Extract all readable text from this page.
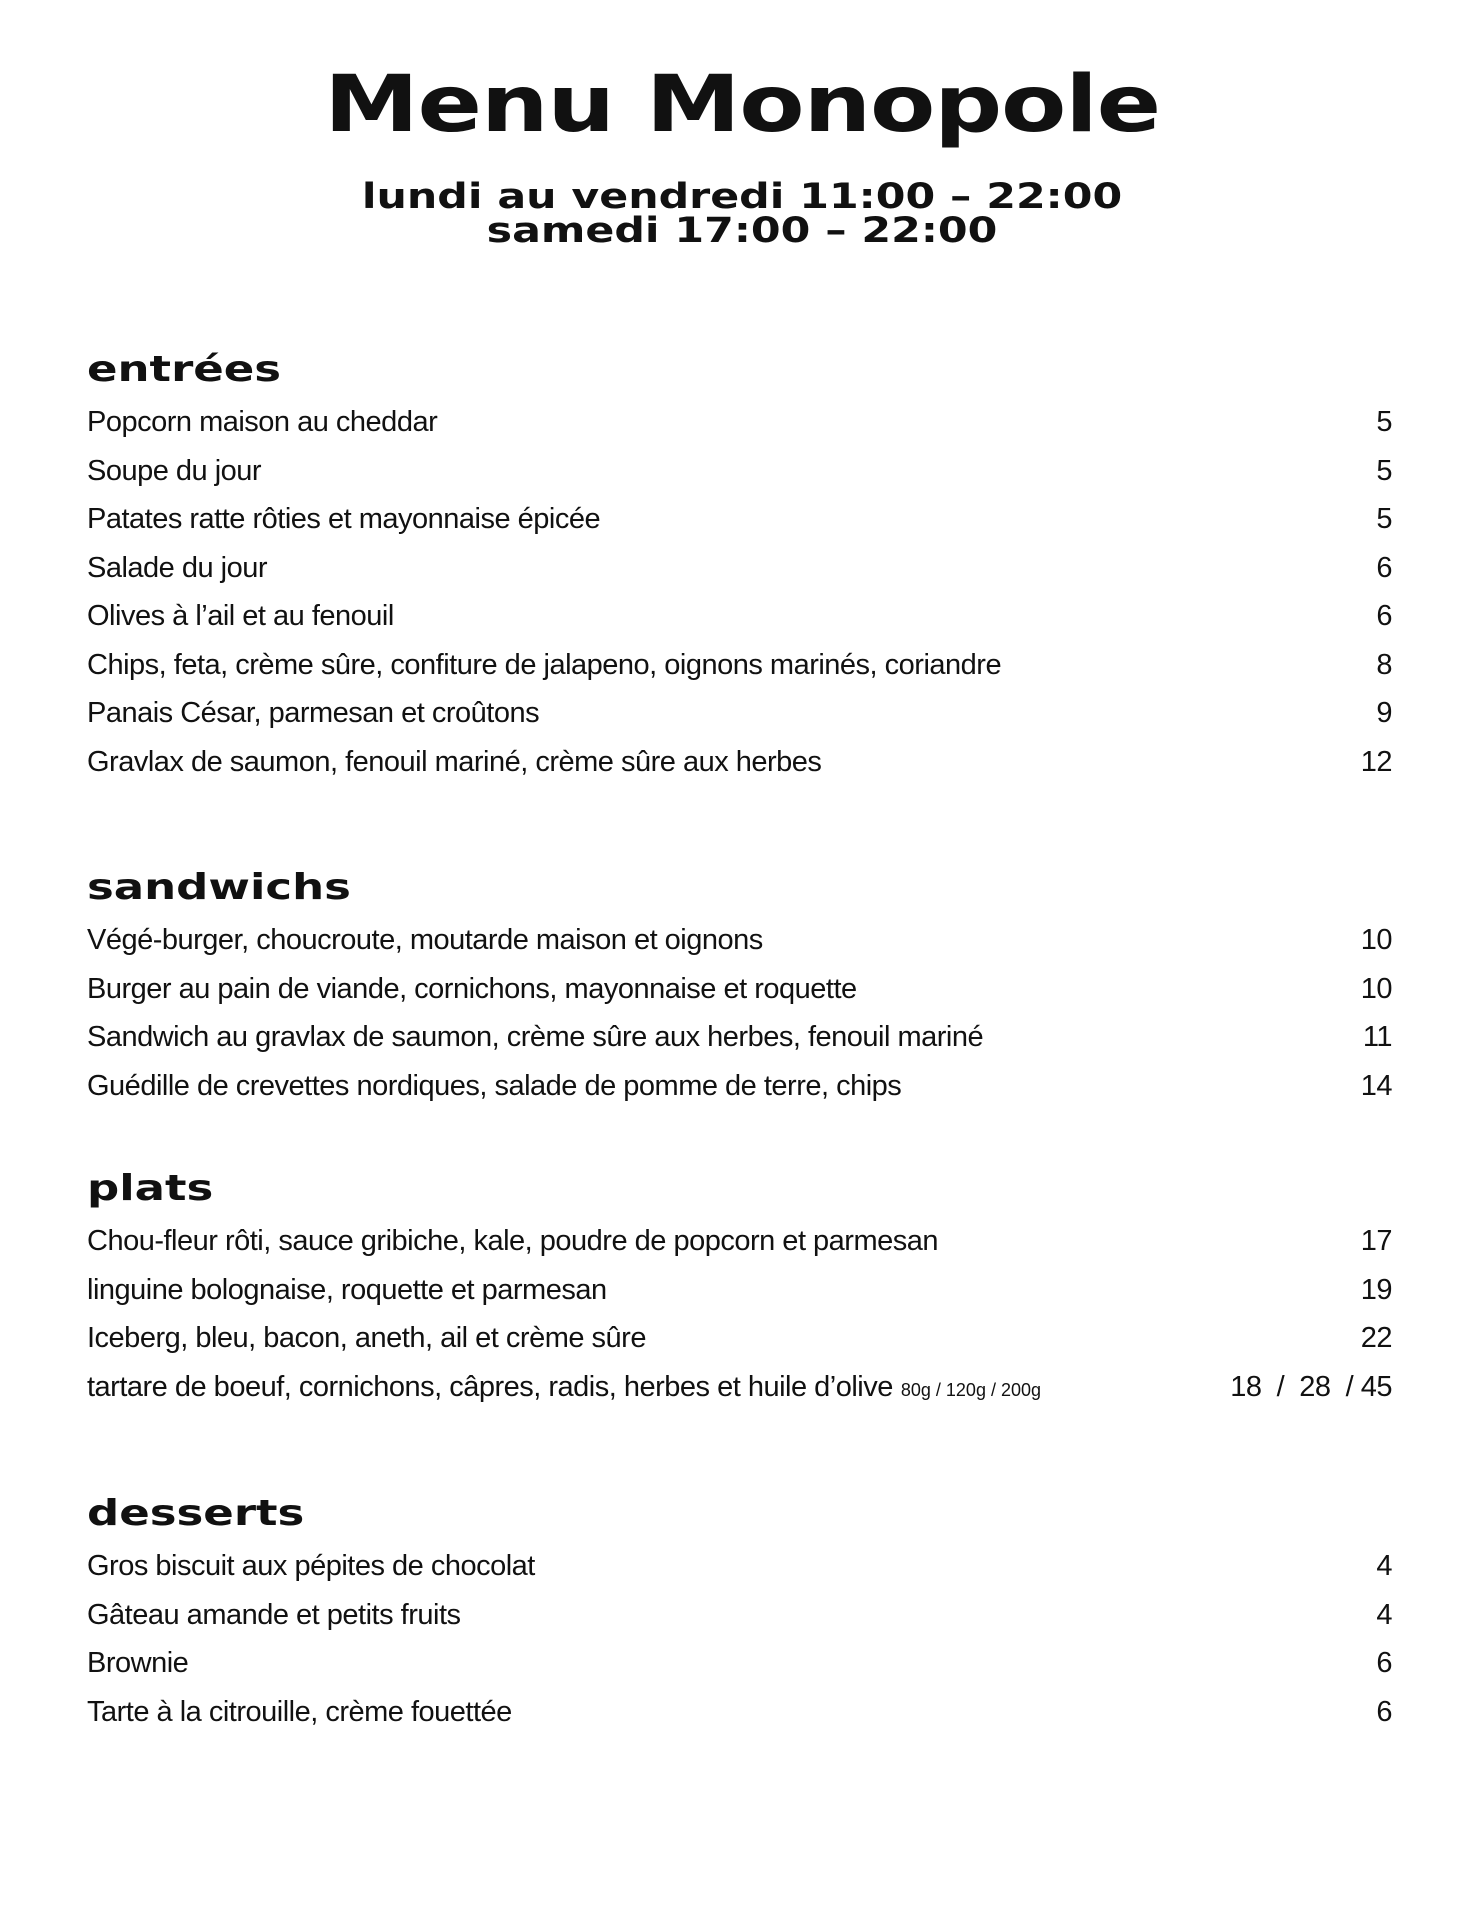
Menu Monopole
lundi au vendredi 11:00 – 22:00
samedi 17:00 – 22:00
entrées
Popcorn maison au cheddar	5
Soupe du jour	5
Patates ratte rôties et mayonnaise épicée	5
Salade du jour	6
Olives à l’ail et au fenouil	6
Chips, feta, crème sûre, confiture de jalapeno, oignons marinés, coriandre	8
Panais César, parmesan et croûtons	9
Gravlax de saumon, fenouil mariné, crème sûre aux herbes	12
sandwichs
Végé-burger, choucroute, moutarde maison et oignons	10
Burger au pain de viande, cornichons, mayonnaise et roquette	10
Sandwich au gravlax de saumon, crème sûre aux herbes, fenouil mariné	11
Guédille de crevettes nordiques, salade de pomme de terre, chips	14
plats
Chou-fleur rôti, sauce gribiche, kale, poudre de popcorn et parmesan	17
linguine bolognaise, roquette et parmesan	19
Iceberg, bleu, bacon, aneth, ail et crème sûre	22
tartare de boeuf, cornichons, câpres, radis, herbes et huile d’olive 80g / 120g / 200g	18  /  28  / 45
desserts
Gros biscuit aux pépites de chocolat	4
Gâteau amande et petits fruits	4
Brownie	6
Tarte à la citrouille, crème fouettée	6
